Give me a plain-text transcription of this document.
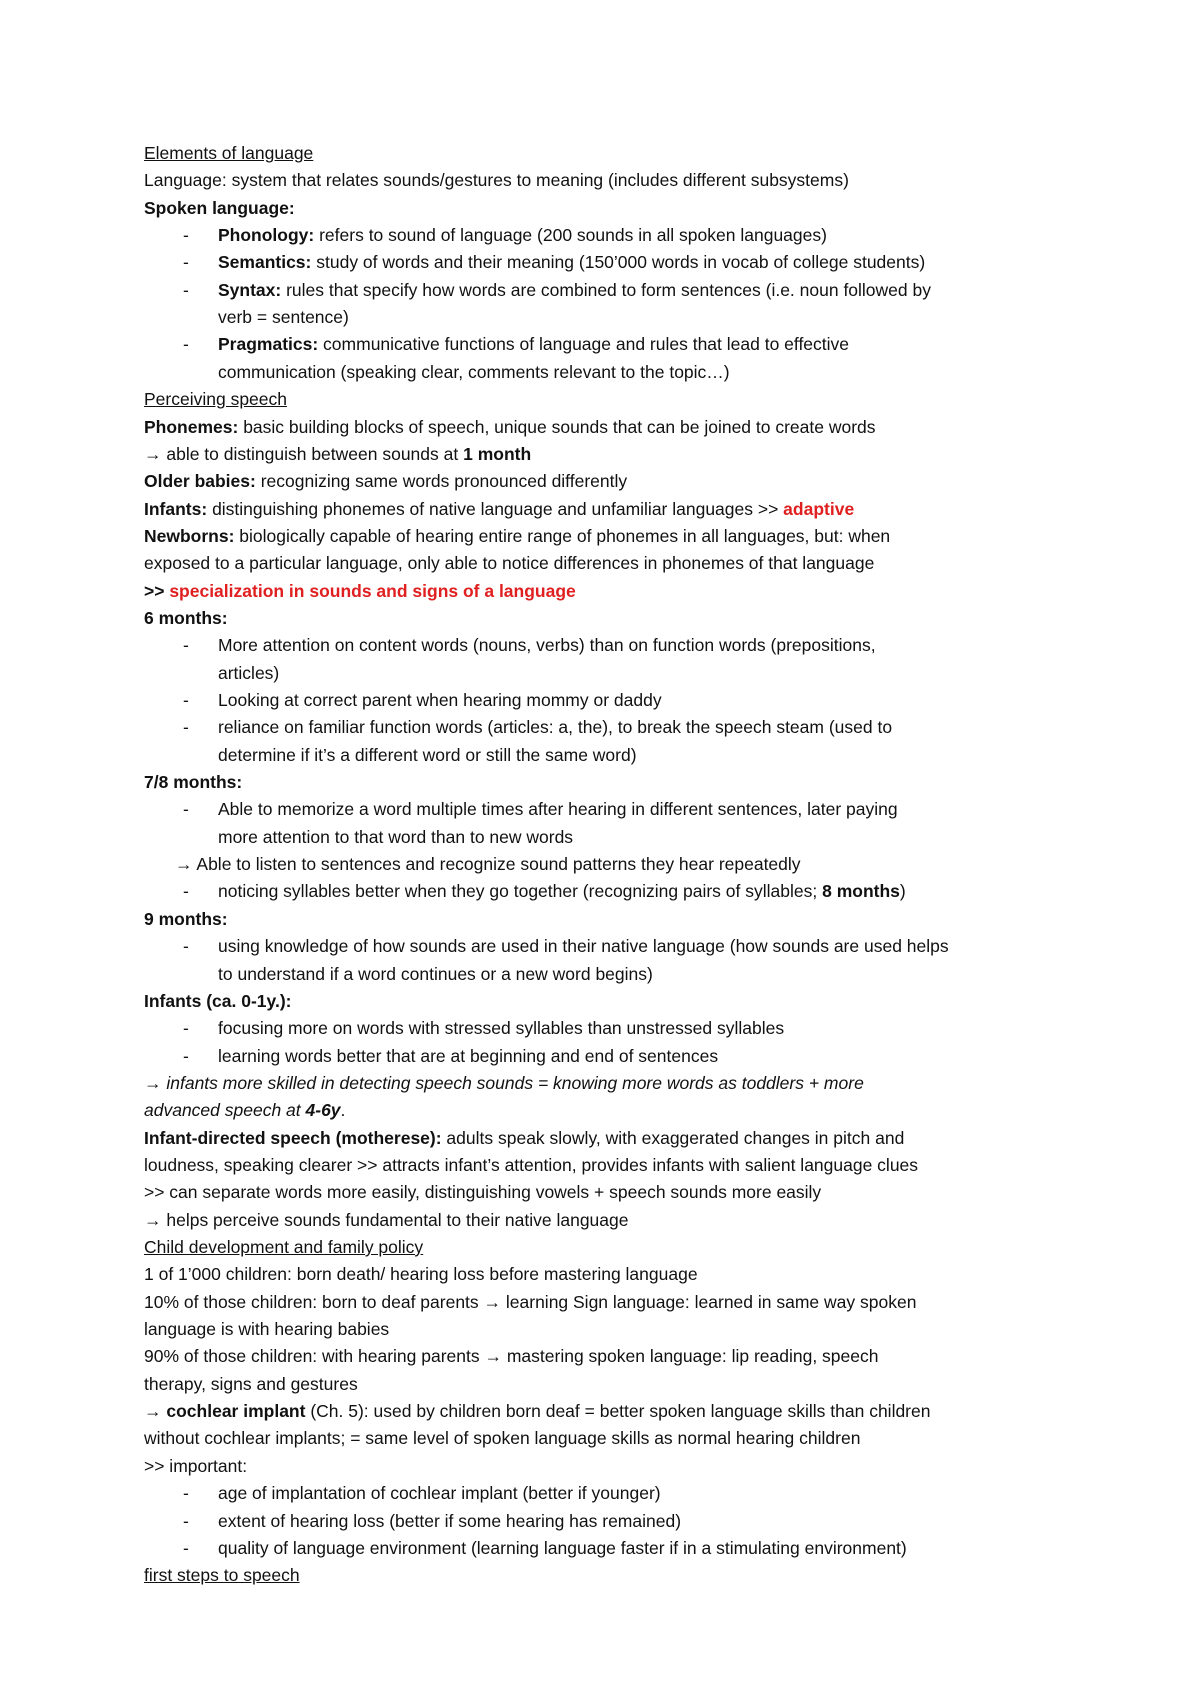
Elements of language
Language: system that relates sounds/gestures to meaning (includes different subsystems)
Spoken language:
-	Phonology: refers to sound of language (200 sounds in all spoken languages)
-	Semantics: study of words and their meaning (150’000 words in vocab of college students)
-	Syntax: rules that specify how words are combined to form sentences (i.e. noun followed by
verb = sentence)
-	Pragmatics: communicative functions of language and rules that lead to effective
communication (speaking clear, comments relevant to the topic…)
Perceiving speech
Phonemes: basic building blocks of speech, unique sounds that can be joined to create words
→ able to distinguish between sounds at 1 month
Older babies: recognizing same words pronounced differently
Infants: distinguishing phonemes of native language and unfamiliar languages >> adaptive
Newborns: biologically capable of hearing entire range of phonemes in all languages, but: when
exposed to a particular language, only able to notice differences in phonemes of that language
>> specialization in sounds and signs of a language
6 months:
-	More attention on content words (nouns, verbs) than on function words (prepositions,
articles)
-	Looking at correct parent when hearing mommy or daddy
-	reliance on familiar function words (articles: a, the), to break the speech steam (used to
determine if it’s a different word or still the same word)
7/8 months:
-	Able to memorize a word multiple times after hearing in different sentences, later paying
more attention to that word than to new words
→ Able to listen to sentences and recognize sound patterns they hear repeatedly
-	noticing syllables better when they go together (recognizing pairs of syllables; 8 months)
9 months:
-	using knowledge of how sounds are used in their native language (how sounds are used helps
to understand if a word continues or a new word begins)
Infants (ca. 0-1y.):
-	focusing more on words with stressed syllables than unstressed syllables
-	learning words better that are at beginning and end of sentences
→ infants more skilled in detecting speech sounds = knowing more words as toddlers + more
advanced speech at 4-6y.
Infant-directed speech (motherese): adults speak slowly, with exaggerated changes in pitch and
loudness, speaking clearer >> attracts infant’s attention, provides infants with salient language clues
>> can separate words more easily, distinguishing vowels + speech sounds more easily
→ helps perceive sounds fundamental to their native language
Child development and family policy
1 of 1’000 children: born death/ hearing loss before mastering language
10% of those children: born to deaf parents → learning Sign language: learned in same way spoken
language is with hearing babies
90% of those children: with hearing parents → mastering spoken language: lip reading, speech
therapy, signs and gestures
→ cochlear implant (Ch. 5): used by children born deaf = better spoken language skills than children
without cochlear implants; = same level of spoken language skills as normal hearing children
>> important:
-	age of implantation of cochlear implant (better if younger)
-	extent of hearing loss (better if some hearing has remained)
-	quality of language environment (learning language faster if in a stimulating environment)
first steps to speech
